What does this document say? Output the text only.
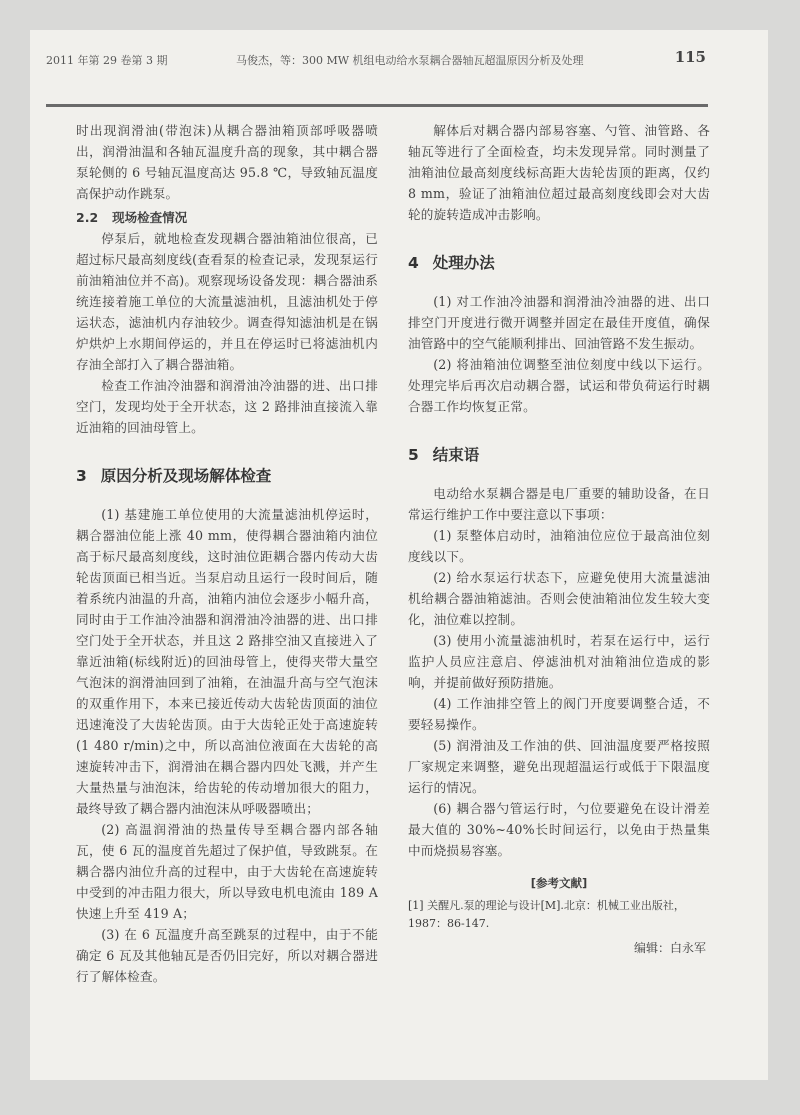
2011 年第 29 卷第 3 期	马俊杰，等：300 MW 机组电动给水泵耦合器轴瓦超温原因分析及处理	115

时出现润滑油(带泡沫)从耦合器油箱顶部呼吸器喷出，润滑油温和各轴瓦温度升高的现象，其中耦合器泵轮侧的 6 号轴瓦温度高达 95.8 ℃，导致轴瓦温度高保护动作跳泵。

2.2 现场检查情况

停泵后，就地检查发现耦合器油箱油位很高，已超过标尺最高刻度线(查看泵的检查记录，发现泵运行前油箱油位并不高)。观察现场设备发现：耦合器油系统连接着施工单位的大流量滤油机，且滤油机处于停运状态，滤油机内存油较少。调查得知滤油机是在锅炉烘炉上水期间停运的，并且在停运时已将滤油机内存油全部打入了耦合器油箱。

检查工作油冷油器和润滑油冷油器的进、出口排空门，发现均处于全开状态，这 2 路排油直接流入靠近油箱的回油母管上。

3 原因分析及现场解体检查

(1) 基建施工单位使用的大流量滤油机停运时，耦合器油位能上涨 40 mm，使得耦合器油箱内油位高于标尺最高刻度线，这时油位距耦合器内传动大齿轮齿顶面已相当近。当泵启动且运行一段时间后，随着系统内油温的升高，油箱内油位会逐步小幅升高，同时由于工作油冷油器和润滑油冷油器的进、出口排空门处于全开状态，并且这 2 路排空油又直接进入了靠近油箱(标线附近)的回油母管上，使得夹带大量空气泡沫的润滑油回到了油箱，在油温升高与空气泡沫的双重作用下，本来已接近传动大齿轮齿顶面的油位迅速淹没了大齿轮齿顶。由于大齿轮正处于高速旋转(1 480 r/min)之中，所以高油位液面在大齿轮的高速旋转冲击下，润滑油在耦合器内四处飞溅，并产生大量热量与油泡沫，给齿轮的传动增加很大的阻力，最终导致了耦合器内油泡沫从呼吸器喷出；

(2) 高温润滑油的热量传导至耦合器内部各轴瓦，使 6 瓦的温度首先超过了保护值，导致跳泵。在耦合器内油位升高的过程中，由于大齿轮在高速旋转中受到的冲击阻力很大，所以导致电机电流由 189 A 快速上升至 419 A；

(3) 在 6 瓦温度升高至跳泵的过程中，由于不能确定 6 瓦及其他轴瓦是否仍旧完好，所以对耦合器进行了解体检查。

解体后对耦合器内部易容塞、勺管、油管路、各轴瓦等进行了全面检查，均未发现异常。同时测量了油箱油位最高刻度线标高距大齿轮齿顶的距离，仅约 8 mm，验证了油箱油位超过最高刻度线即会对大齿轮的旋转造成冲击影响。

4 处理办法

(1) 对工作油冷油器和润滑油冷油器的进、出口排空门开度进行微开调整并固定在最佳开度值，确保油管路中的空气能顺利排出、回油管路不发生振动。

(2) 将油箱油位调整至油位刻度中线以下运行。处理完毕后再次启动耦合器，试运和带负荷运行时耦合器工作均恢复正常。

5 结束语

电动给水泵耦合器是电厂重要的辅助设备，在日常运行维护工作中要注意以下事项：

(1) 泵整体启动时，油箱油位应位于最高油位刻度线以下。

(2) 给水泵运行状态下，应避免使用大流量滤油机给耦合器油箱滤油。否则会使油箱油位发生较大变化，油位难以控制。

(3) 使用小流量滤油机时，若泵在运行中，运行监护人员应注意启、停滤油机对油箱油位造成的影响，并提前做好预防措施。

(4) 工作油排空管上的阀门开度要调整合适，不要轻易操作。

(5) 润滑油及工作油的供、回油温度要严格按照厂家规定来调整，避免出现超温运行或低于下限温度运行的情况。

(6) 耦合器勺管运行时，勺位要避免在设计滑差最大值的 30%~40%长时间运行，以免由于热量集中而烧损易容塞。

[参考文献]
[1] 关醒凡.泵的理论与设计[M].北京：机械工业出版社，1987：86-147.
编辑：白永军
